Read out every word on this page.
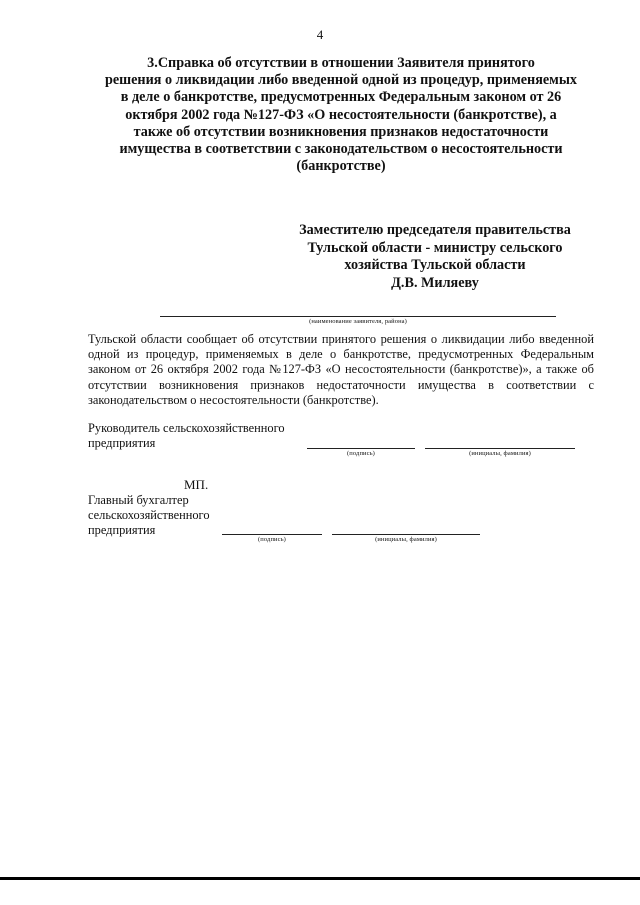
4
3.Справка об отсутствии в отношении Заявителя принятого
решения о ликвидации либо введенной одной из процедур, применяемых
в деле о банкротстве, предусмотренных Федеральным законом от 26
октября 2002 года №127-ФЗ «О несостоятельности (банкротстве), а
также об отсутствии возникновения признаков недостаточности
имущества в соответствии с законодательством о несостоятельности
(банкротстве)
Заместителю председателя правительства
Тульской области - министру сельского
хозяйства Тульской области
Д.В. Миляеву
(наименование заявителя, района)
Тульской области сообщает об отсутствии принятого решения о ликвидации либо введенной одной из процедур, применяемых в деле о банкротстве, предусмотренных Федеральным законом от 26 октября 2002 года №127-ФЗ «О несостоятельности (банкротстве)», а также об отсутствии возникновения признаков недостаточности имущества в соответствии с законодательством о несостоятельности (банкротстве).
Руководитель сельскохозяйственного
предприятия
(подпись)	(инициалы, фамилия)
МП.
Главный бухгалтер
сельскохозяйственного
предприятия
(подпись)	(инициалы, фамилия)
